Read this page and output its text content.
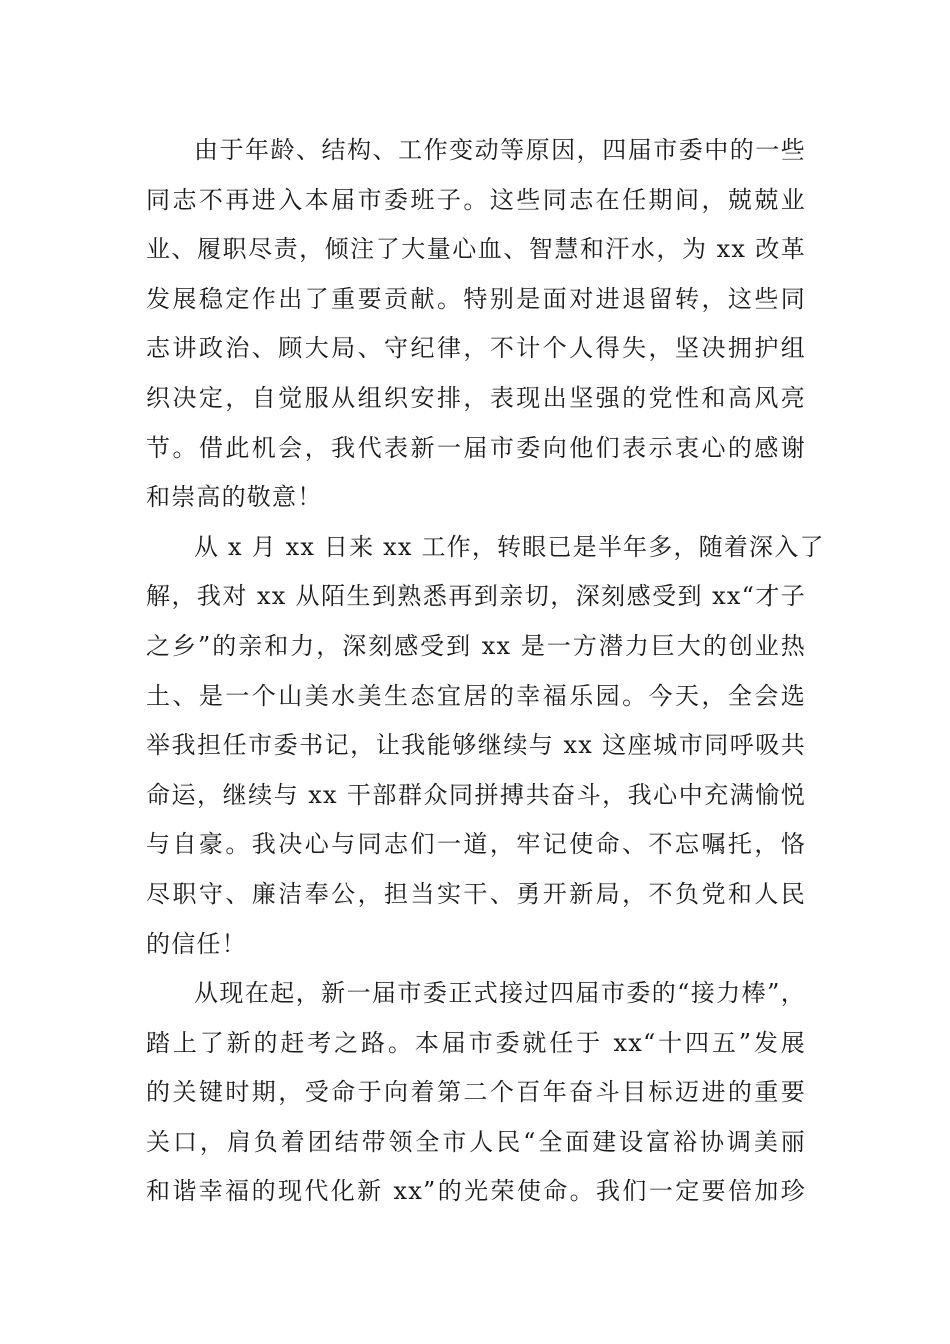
由于年龄、结构、工作变动等原因，四届市委中的一些
同志不再进入本届市委班子。这些同志在任期间，兢兢业
业、履职尽责，倾注了大量心血、智慧和汗水，为 xx 改革
发展稳定作出了重要贡献。特别是面对进退留转，这些同
志讲政治、顾大局、守纪律，不计个人得失，坚决拥护组
织决定，自觉服从组织安排，表现出坚强的党性和高风亮
节。借此机会，我代表新一届市委向他们表示衷心的感谢
和崇高的敬意！
从 x 月 xx 日来 xx 工作，转眼已是半年多，随着深入了
解，我对 xx 从陌生到熟悉再到亲切，深刻感受到 xx“才子
之乡”的亲和力，深刻感受到 xx 是一方潜力巨大的创业热
土、是一个山美水美生态宜居的幸福乐园。今天，全会选
举我担任市委书记，让我能够继续与 xx 这座城市同呼吸共
命运，继续与 xx 干部群众同拼搏共奋斗，我心中充满愉悦
与自豪。我决心与同志们一道，牢记使命、不忘嘱托，恪
尽职守、廉洁奉公，担当实干、勇开新局，不负党和人民
的信任！
从现在起，新一届市委正式接过四届市委的“接力棒”，
踏上了新的赶考之路。本届市委就任于 xx“十四五”发展
的关键时期，受命于向着第二个百年奋斗目标迈进的重要
关口，肩负着团结带领全市人民“全面建设富裕协调美丽
和谐幸福的现代化新 xx”的光荣使命。我们一定要倍加珍
